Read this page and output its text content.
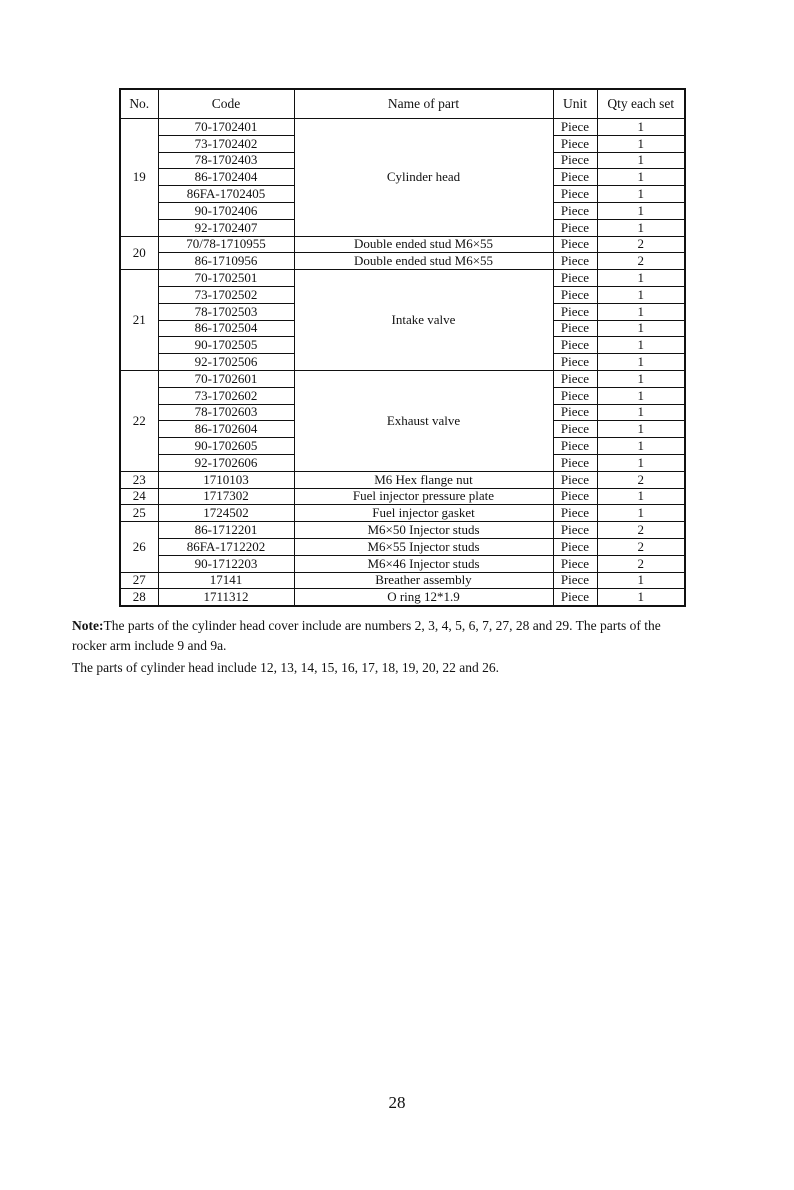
No.	Code	Name of part	Unit	Qty each set
19	70-1702401	Cylinder head	Piece	1
	73-1702402		Piece	1
	78-1702403		Piece	1
	86-1702404		Piece	1
	86FA-1702405		Piece	1
	90-1702406		Piece	1
	92-1702407		Piece	1
20	70/78-1710955	Double ended stud M6×55	Piece	2
	86-1710956	Double ended stud M6×55	Piece	2
21	70-1702501	Intake valve	Piece	1
	73-1702502		Piece	1
	78-1702503		Piece	1
	86-1702504		Piece	1
	90-1702505		Piece	1
	92-1702506		Piece	1
22	70-1702601	Exhaust valve	Piece	1
	73-1702602		Piece	1
	78-1702603		Piece	1
	86-1702604		Piece	1
	90-1702605		Piece	1
	92-1702606		Piece	1
23	1710103	M6 Hex flange nut	Piece	2
24	1717302	Fuel injector pressure plate	Piece	1
25	1724502	Fuel injector gasket	Piece	1
26	86-1712201	M6×50 Injector studs	Piece	2
	86FA-1712202	M6×55 Injector studs	Piece	2
	90-1712203	M6×46 Injector studs	Piece	2
27	17141	Breather assembly	Piece	1
28	1711312	O ring 12*1.9	Piece	1
Note:The parts of the cylinder head cover include are numbers 2, 3, 4, 5, 6, 7, 27, 28 and 29. The parts of the
rocker arm include 9 and 9a.
The parts of cylinder head include 12, 13, 14, 15, 16, 17, 18, 19, 20, 22 and 26.
28
